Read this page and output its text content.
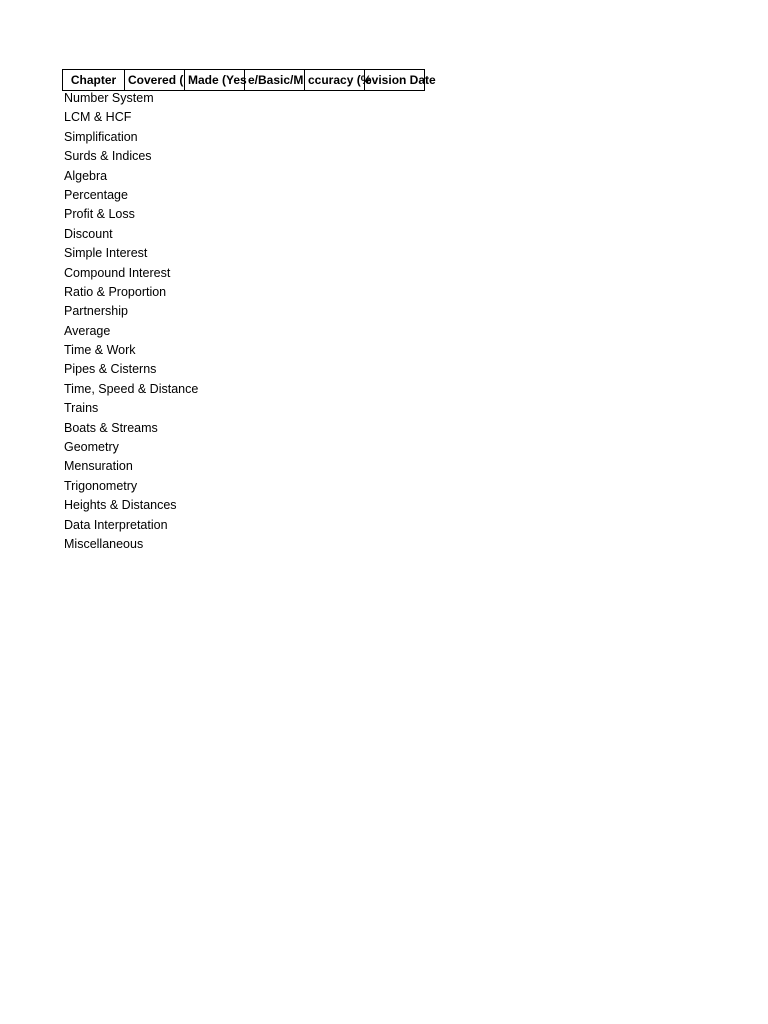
Chapter Covered ( Made (Yes e/Basic/M ccuracy (%
evision Date
Number System
LCM & HCF
Simplification
Surds & Indices
Algebra
Percentage
Profit & Loss
Discount
Simple Interest
Compound Interest
Ratio & Proportion
Partnership
Average
Time & Work
Pipes & Cisterns
Time, Speed & Distance
Trains
Boats & Streams
Geometry
Mensuration
Trigonometry
Heights & Distances
Data Interpretation
Miscellaneous
